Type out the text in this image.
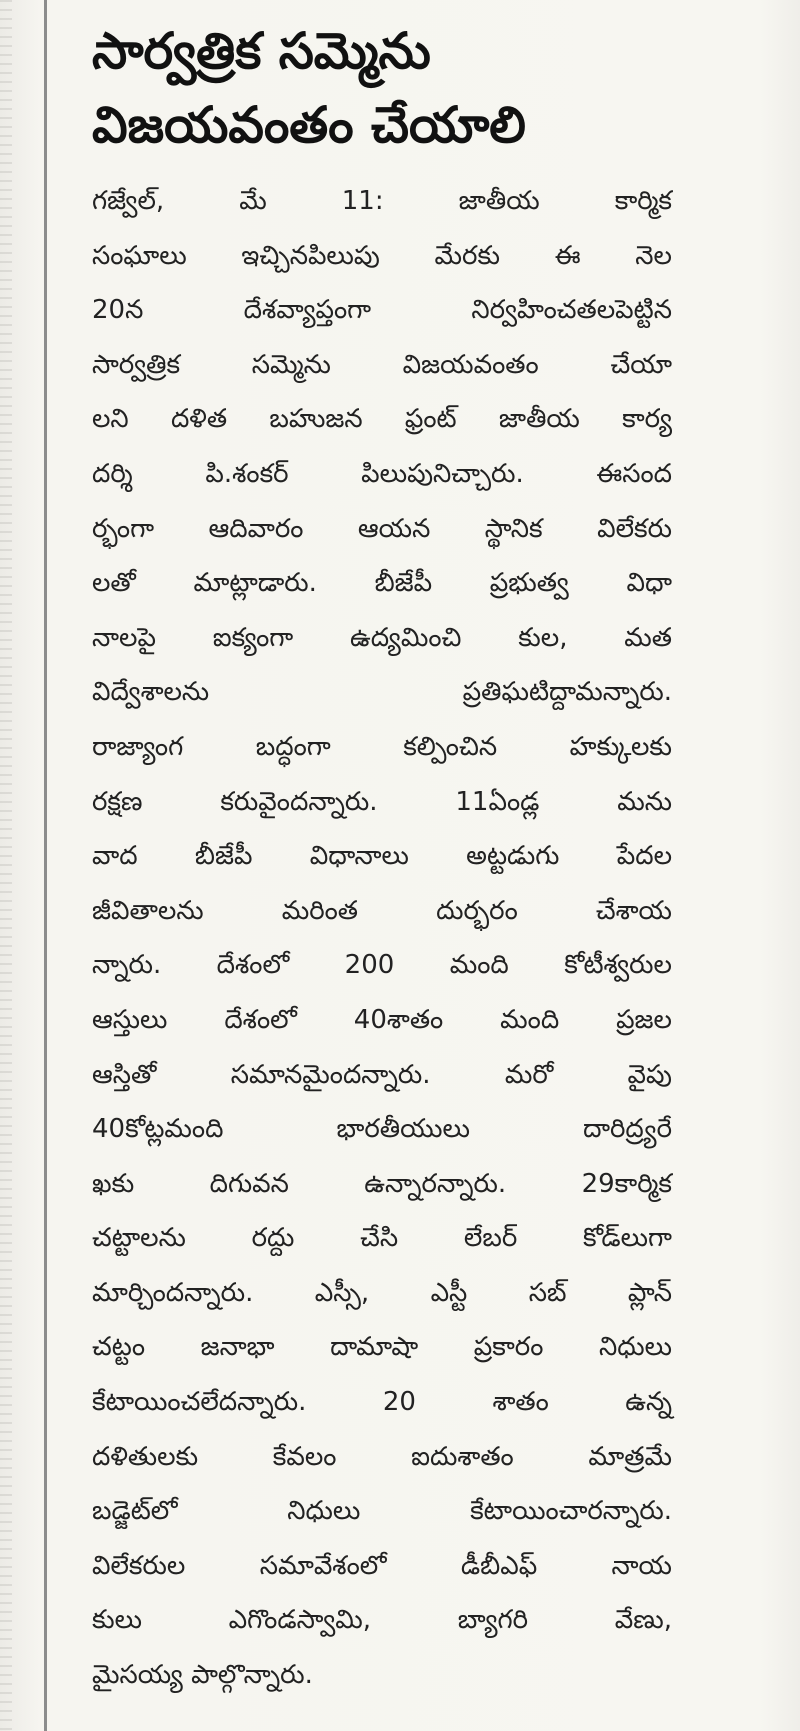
సార్వత్రిక సమ్మెను
విజయవంతం చేయాలి
గజ్వేల్, మే 11: జాతీయ కార్మిక
సంఘాలు ఇచ్చినపిలుపు మేరకు ఈ నెల
20న దేశవ్యాప్తంగా నిర్వహించతలపెట్టిన
సార్వత్రిక సమ్మెను విజయవంతం చేయా
లని దళిత బహుజన ఫ్రంట్ జాతీయ కార్య
దర్శి పి.శంకర్ పిలుపునిచ్చారు. ఈసంద
ర్భంగా ఆదివారం ఆయన స్థానిక విలేకరు
లతో మాట్లాడారు. బీజేపీ ప్రభుత్వ విధా
నాలపై ఐక్యంగా ఉద్యమించి కుల, మత
విద్వేశాలను ప్రతిఘటిద్దామన్నారు.
రాజ్యాంగ బద్ధంగా కల్పించిన హక్కులకు
రక్షణ కరువైందన్నారు. 11ఏండ్ల మను
వాద బీజేపీ విధానాలు అట్టడుగు పేదల
జీవితాలను మరింత దుర్భరం చేశాయ
న్నారు. దేశంలో 200 మంది కోటీశ్వరుల
ఆస్తులు దేశంలో 40శాతం మంది ప్రజల
ఆస్తితో సమానమైందన్నారు. మరో వైపు
40కోట్లమంది భారతీయులు దారిద్ర్యరే
ఖకు దిగువన ఉన్నారన్నారు. 29కార్మిక
చట్టాలను రద్దు చేసి లేబర్ కోడ్‌లుగా
మార్చిందన్నారు. ఎస్సీ, ఎస్టీ సబ్ ప్లాన్
చట్టం జనాభా దామాషా ప్రకారం నిధులు
కేటాయించలేదన్నారు. 20 శాతం ఉన్న
దళితులకు కేవలం ఐదుశాతం మాత్రమే
బడ్జెట్‌లో నిధులు కేటాయించారన్నారు.
విలేకరుల సమావేశంలో డీబీఎఫ్ నాయ
కులు ఎగొండస్వామి, బ్యాగరి వేణు,
మైసయ్య పాల్గొన్నారు.
